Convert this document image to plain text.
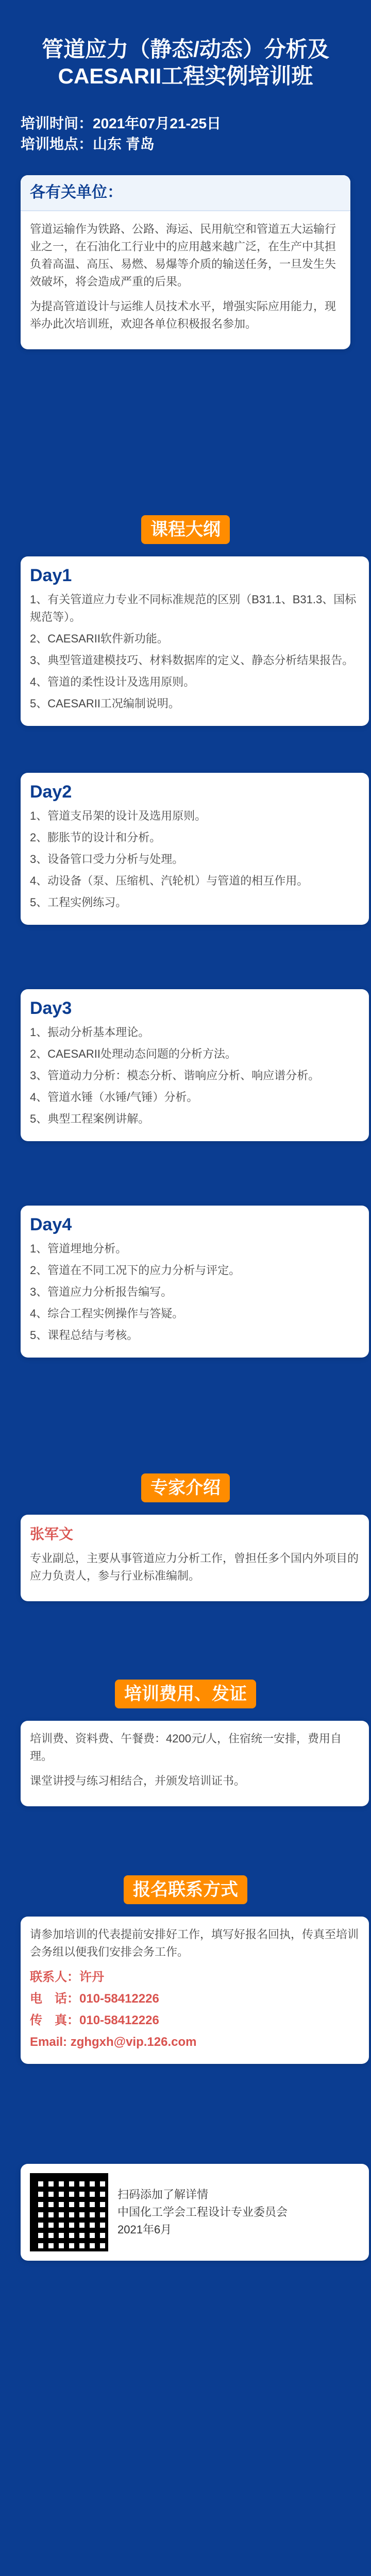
管道应力（静态/动态）分析及CAESARII工程实例培训班
培训时间：2021年07月21-25日
培训地点：山东 青岛
各有关单位：

管道运输作为铁路、公路、海运、民用航空和管道五大运输行业之一，在石油化工行业中的应用越来越广泛，在生产中其担负着高温、高压、易燃、易爆等介质的输送任务，一旦发生失效破坏，将会造成严重的后果。

为提高管道设计与运维人员技术水平，增强实际应用能力，现举办此次培训班，欢迎各单位积极报名参加。

课程大纲
Day1
1、有关管道应力专业不同标准规范的区别（B31.1、B31.3、国标规范等）。
2、CAESARII软件新功能。
3、典型管道建模技巧、材料数据库的定义、静态分析结果报告。
4、管道的柔性设计及选用原则。
5、CAESARII工况编制说明。
Day2
1、管道支吊架的设计及选用原则。
2、膨胀节的设计和分析。
3、设备管口受力分析与处理。
4、动设备（泵、压缩机、汽轮机）与管道的相互作用。
5、工程实例练习。
Day3
1、振动分析基本理论。
2、CAESARII处理动态问题的分析方法。
3、管道动力分析：模态分析、谐响应分析、响应谱分析。
4、管道水锤（水锤/气锤）分析。
5、典型工程案例讲解。
Day4
1、管道埋地分析。
2、管道在不同工况下的应力分析与评定。
3、管道应力分析报告编写。
4、综合工程实例操作与答疑。
5、课程总结与考核。
专家介绍
张军文
专业副总，主要从事管道应力分析工作，曾担任多个国内外项目的应力负责人，参与行业标准编制。
培训费用、发证
培训费、资料费、午餐费：4200元/人，住宿统一安排，费用自理。
课堂讲授与练习相结合，并颁发培训证书。
报名联系方式
请参加培训的代表提前安排好工作，填写好报名回执，传真至培训会务组以便我们安排会务工作。
联系人：许丹
电　话：010-58412226
传　真：010-58412226
Email: zghgxh@vip.126.com
扫码添加了解详情
中国化工学会工程设计专业委员会
2021年6月
